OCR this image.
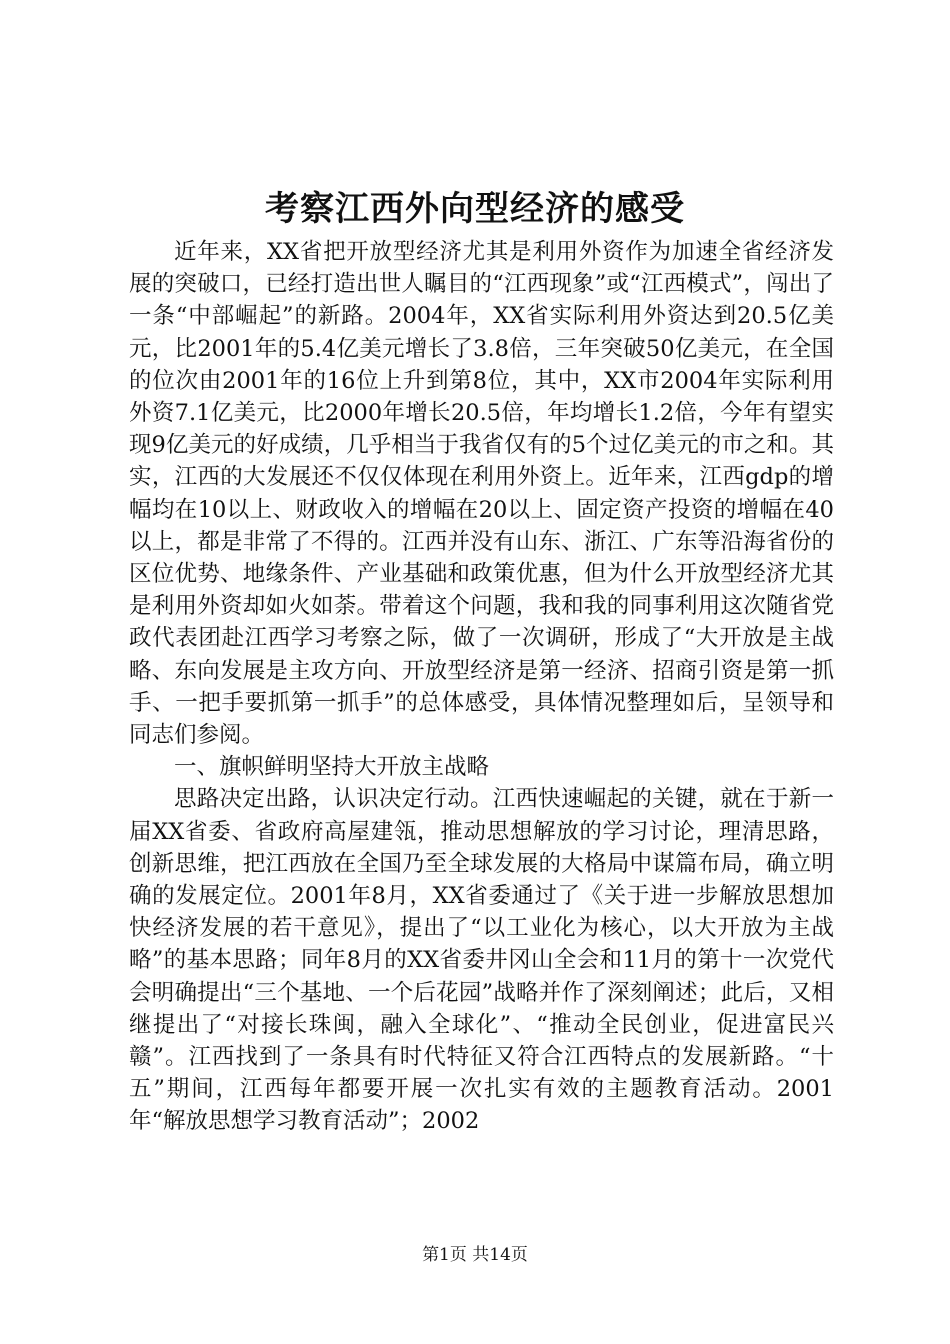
考察江西外向型经济的感受

近年来，XX省把开放型经济尤其是利用外资作为加速全省经济发展的突破口，已经打造出世人瞩目的“江西现象”或“江西模式”，闯出了一条“中部崛起”的新路。2004年，XX省实际利用外资达到20.5亿美元，比2001年的5.4亿美元增长了3.8倍，三年突破50亿美元，在全国的位次由2001年的16位上升到第8位，其中，XX市2004年实际利用外资7.1亿美元，比2000年增长20.5倍，年均增长1.2倍，今年有望实现9亿美元的好成绩，几乎相当于我省仅有的5个过亿美元的市之和。其实，江西的大发展还不仅仅体现在利用外资上。近年来，江西gdp的增幅均在10以上、财政收入的增幅在20以上、固定资产投资的增幅在40以上，都是非常了不得的。江西并没有山东、浙江、广东等沿海省份的区位优势、地缘条件、产业基础和政策优惠，但为什么开放型经济尤其是利用外资却如火如荼。带着这个问题，我和我的同事利用这次随省党政代表团赴江西学习考察之际，做了一次调研，形成了“大开放是主战略、东向发展是主攻方向、开放型经济是第一经济、招商引资是第一抓手、一把手要抓第一抓手”的总体感受，具体情况整理如后，呈领导和同志们参阅。

一、旗帜鲜明坚持大开放主战略

思路决定出路，认识决定行动。江西快速崛起的关键，就在于新一届XX省委、省政府高屋建瓴，推动思想解放的学习讨论，理清思路，创新思维，把江西放在全国乃至全球发展的大格局中谋篇布局，确立明确的发展定位。2001年8月，XX省委通过了《关于进一步解放思想加快经济发展的若干意见》，提出了“以工业化为核心，以大开放为主战略”的基本思路；同年8月的XX省委井冈山全会和11月的第十一次党代会明确提出“三个基地、一个后花园”战略并作了深刻阐述；此后，又相继提出了“对接长珠闽，融入全球化”、“推动全民创业，促进富民兴赣”。江西找到了一条具有时代特征又符合江西特点的发展新路。“十五”期间，江西每年都要开展一次扎实有效的主题教育活动。2001年“解放思想学习教育活动”；2002

第1页 共14页
